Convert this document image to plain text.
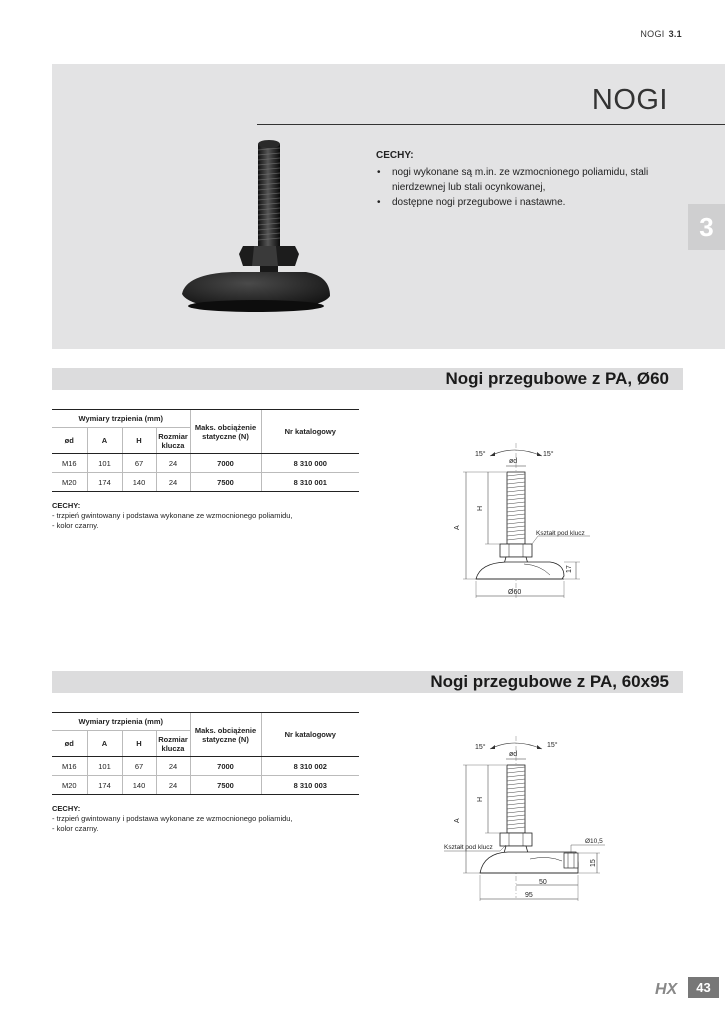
NOGI 3.1
NOGI
CECHY:
• nogi wykonane są m.in. ze wzmocnionego poliamidu, stali nierdzewnej lub stali ocynkowanej,
• dostępne nogi przegubowe i nastawne.
3
Nogi przegubowe z PA, Ø60
Wymiary trzpienia (mm)				Maks. obciążenie statyczne (N)	Nr katalogowy
ød	A	H	Rozmiar klucza		
M16	101	67	24	7000	8 310 000
M20	174	140	24	7500	8 310 001
CECHY:
- trzpień gwintowany i podstawa wykonane ze wzmocnionego poliamidu,
- kolor czarny.
15°	15°
ød
A
H
Kształt pod klucz
17
Ø60
Nogi przegubowe z PA, 60x95
Wymiary trzpienia (mm)				Maks. obciążenie statyczne (N)	Nr katalogowy
ød	A	H	Rozmiar klucza		
M16	101	67	24	7000	8 310 002
M20	174	140	24	7500	8 310 003
CECHY:
- trzpień gwintowany i podstawa wykonane ze wzmocnionego poliamidu,
- kolor czarny.
15°	15°
ød
A
H
Kształt pod klucz
Ø10,5
15
50
95
HX	43
